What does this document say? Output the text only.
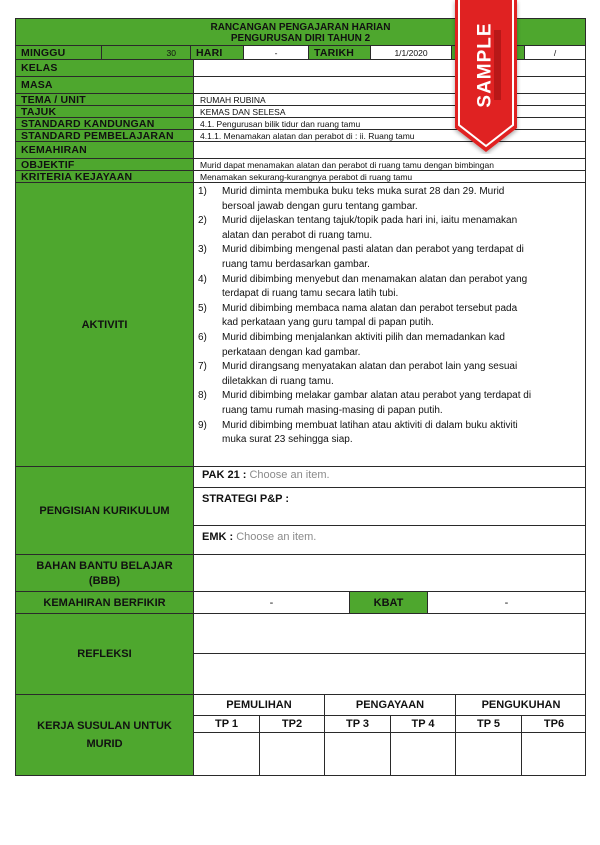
RANCANGAN PENGAJARAN HARIAN
PENGURUSAN DIRI TAHUN 2
MINGGU	30	HARI	-	TARIKH	1/1/2020	/
KELAS
MASA
TEMA / UNIT	RUMAH RUBINA
TAJUK	KEMAS DAN SELESA
STANDARD KANDUNGAN	4.1. Pengurusan bilik tidur dan ruang tamu
STANDARD PEMBELAJARAN	4.1.1. Menamakan alatan dan perabot di : ii. Ruang tamu
KEMAHIRAN
OBJEKTIF	Murid dapat menamakan alatan dan perabot di ruang tamu dengan bimbingan
KRITERIA KEJAYAAN	Menamakan sekurang-kurangnya perabot di ruang tamu
AKTIVITI
1)	Murid diminta membuka buku teks muka surat 28 dan 29. Murid
bersoal jawab dengan guru tentang gambar.
2)	Murid dijelaskan tentang tajuk/topik pada hari ini, iaitu menamakan
alatan dan perabot di ruang tamu.
3)	Murid dibimbing mengenal pasti alatan dan perabot yang terdapat di
ruang tamu berdasarkan gambar.
4)	Murid dibimbing menyebut dan menamakan alatan dan perabot yang
terdapat di ruang tamu secara latih tubi.
5)	Murid dibimbing membaca nama alatan dan perabot tersebut pada
kad perkataan yang guru tampal di papan putih.
6)	Murid dibimbing menjalankan aktiviti pilih dan memadankan kad
perkataan dengan kad gambar.
7)	Murid dirangsang menyatakan alatan dan perabot lain yang sesuai
diletakkan di ruang tamu.
8)	Murid dibimbing melakar gambar alatan atau perabot yang terdapat di
ruang tamu rumah masing-masing di papan putih.
9)	Murid dibimbing membuat latihan atau aktiviti di dalam buku aktiviti
muka surat 23 sehingga siap.
PENGISIAN KURIKULUM
PAK 21 : Choose an item.
STRATEGI P&P :
EMK : Choose an item.
BAHAN BANTU BELAJAR
(BBB)
KEMAHIRAN BERFIKIR	-	KBAT	-
REFLEKSI
KERJA SUSULAN UNTUK
MURID
PEMULIHAN	PENGAYAAN	PENGUKUHAN
TP 1	TP2	TP 3	TP 4	TP 5	TP6
SAMPLE
